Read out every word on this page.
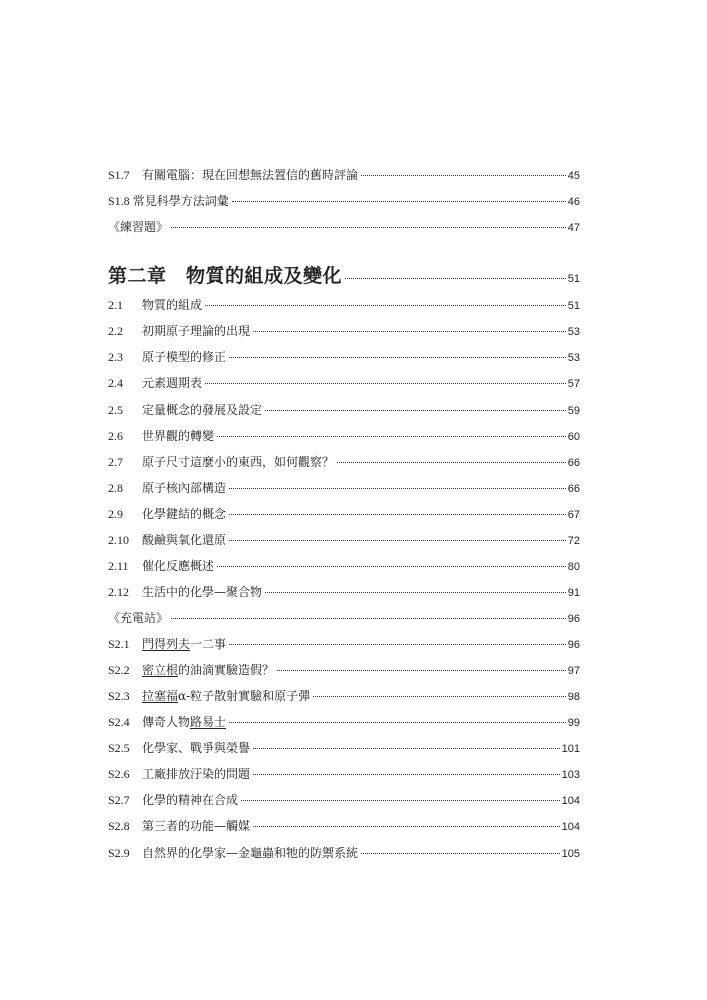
S1.7	有關電腦：現在回想無法置信的舊時評論	45
S1.8 常見科學方法詞彙	46
《練習題》	47
第二章　物質的組成及變化	51
2.1	物質的組成	51
2.2	初期原子理論的出現	53
2.3	原子模型的修正	53
2.4	元素週期表	57
2.5	定量概念的發展及設定	59
2.6	世界觀的轉變	60
2.7	原子尺寸這麼小的東西，如何觀察？	66
2.8	原子核內部構造	66
2.9	化學鍵結的概念	67
2.10	酸鹼與氧化還原	72
2.11	催化反應概述	80
2.12	生活中的化學—聚合物	91
《充電站》	96
S2.1	門得列夫一二事	96
S2.2	密立根的油滴實驗造假？	97
S2.3	拉塞福α-粒子散射實驗和原子彈	98
S2.4	傳奇人物路易士	99
S2.5	化學家、戰爭與榮譽	101
S2.6	工廠排放汙染的問題	103
S2.7	化學的精神在合成	104
S2.8	第三者的功能—觸媒	104
S2.9	自然界的化學家—金龜蟲和牠的防禦系統	105
